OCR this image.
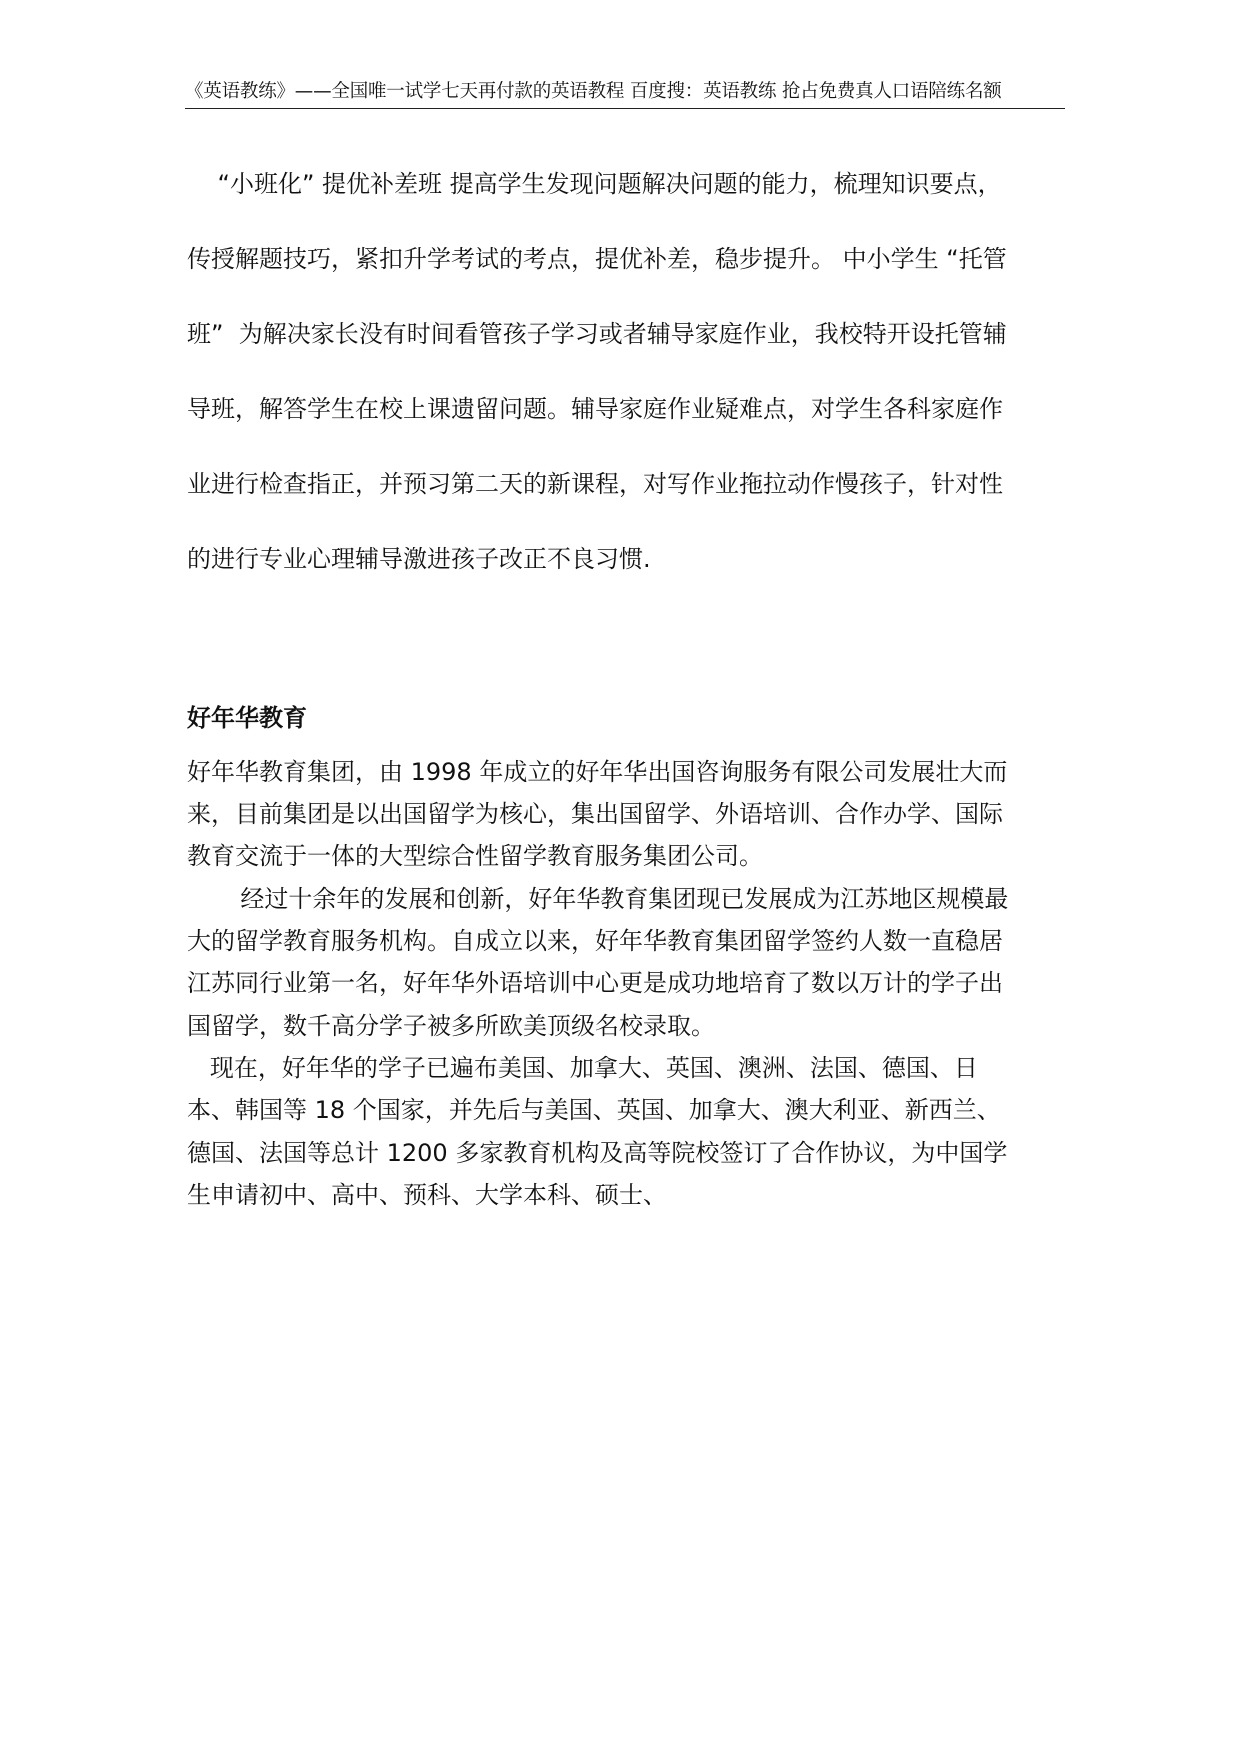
《英语教练》——全国唯一试学七天再付款的英语教程 百度搜：英语教练 抢占免费真人口语陪练名额
“小班化” 提优补差班 提高学生发现问题解决问题的能力，梳理知识要点，
传授解题技巧，紧扣升学考试的考点，提优补差，稳步提升。 中小学生 “托管
班”  为解决家长没有时间看管孩子学习或者辅导家庭作业，我校特开设托管辅
导班，解答学生在校上课遗留问题。辅导家庭作业疑难点，对学生各科家庭作
业进行检查指正，并预习第二天的新课程，对写作业拖拉动作慢孩子，针对性
的进行专业心理辅导激进孩子改正不良习惯.
好年华教育
好年华教育集团，由 1998 年成立的好年华出国咨询服务有限公司发展壮大而
来，目前集团是以出国留学为核心，集出国留学、外语培训、合作办学、国际
教育交流于一体的大型综合性留学教育服务集团公司。
经过十余年的发展和创新，好年华教育集团现已发展成为江苏地区规模最
大的留学教育服务机构。自成立以来，好年华教育集团留学签约人数一直稳居
江苏同行业第一名，好年华外语培训中心更是成功地培育了数以万计的学子出
国留学，数千高分学子被多所欧美顶级名校录取。
现在，好年华的学子已遍布美国、加拿大、英国、澳洲、法国、德国、日
本、韩国等 18 个国家，并先后与美国、英国、加拿大、澳大利亚、新西兰、
德国、法国等总计 1200 多家教育机构及高等院校签订了合作协议，为中国学
生申请初中、高中、预科、大学本科、硕士、
